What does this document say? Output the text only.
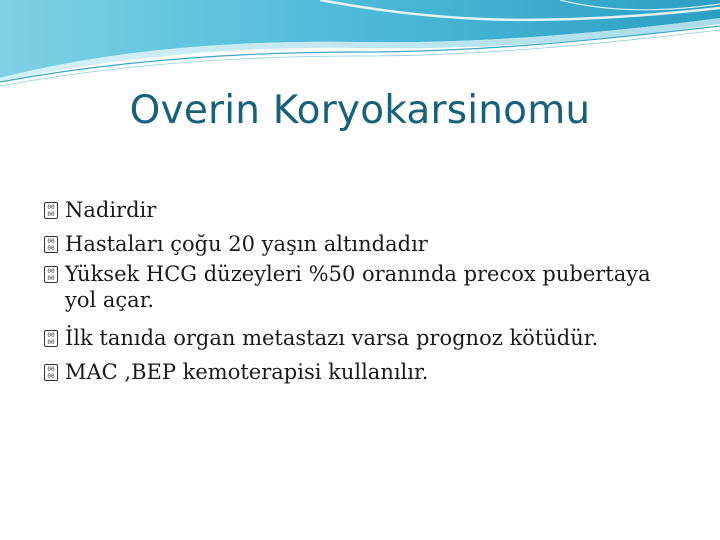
Overin Koryokarsinomu
00
00 Nadirdir
00
00 Hastaları çoğu 20 yaşın altındadır
00
00 Yüksek HCG düzeyleri %50 oranında precox pubertaya yol açar.
00
00 İlk tanıda organ metastazı varsa prognoz kötüdür.
00
00 MAC ,BEP kemoterapisi kullanılır.
